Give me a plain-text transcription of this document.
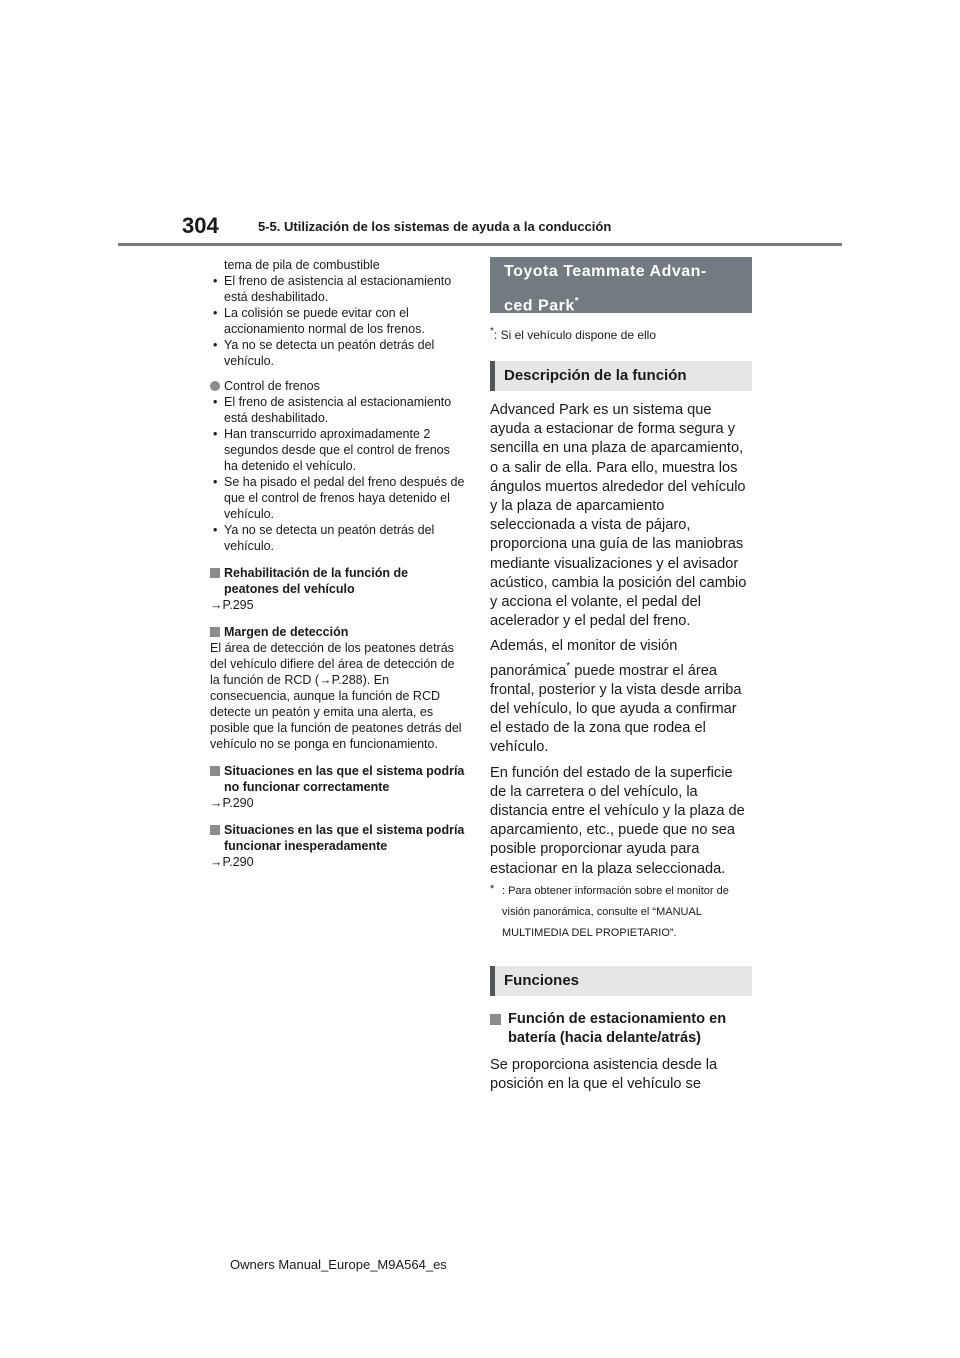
304	5-5. Utilización de los sistemas de ayuda a la conducción

tema de pila de combustible

• El freno de asistencia al estacionamiento está deshabilitado.
• La colisión se puede evitar con el accionamiento normal de los frenos.
• Ya no se detecta un peatón detrás del vehículo.
Control de frenos
• El freno de asistencia al estacionamiento está deshabilitado.
• Han transcurrido aproximadamente 2 segundos desde que el control de frenos ha detenido el vehículo.
• Se ha pisado el pedal del freno después de que el control de frenos haya detenido el vehículo.
• Ya no se detecta un peatón detrás del vehículo.
Rehabilitación de la función de peatones del vehículo

→P.295

Margen de detección

El área de detección de los peatones detrás del vehículo difiere del área de detección de la función de RCD (→P.288). En consecuencia, aunque la función de RCD detecte un peatón y emita una alerta, es posible que la función de peatones detrás del vehículo no se ponga en funcionamiento.

Situaciones en las que el sistema podría no funcionar correctamente

→P.290

Situaciones en las que el sistema podría funcionar inesperadamente

→P.290

Toyota Teammate Advan-
ced Park*
*: Si el vehículo dispone de ello
Descripción de la función

Advanced Park es un sistema que ayuda a estacionar de forma segura y sencilla en una plaza de aparcamiento, o a salir de ella. Para ello, muestra los ángulos muertos alrededor del vehículo y la plaza de aparcamiento seleccionada a vista de pájaro, proporciona una guía de las maniobras mediante visualizaciones y el avisador acústico, cambia la posición del cambio y acciona el volante, el pedal del acelerador y el pedal del freno.

Además, el monitor de visión panorámica* puede mostrar el área frontal, posterior y la vista desde arriba del vehículo, lo que ayuda a confirmar el estado de la zona que rodea el vehículo.

En función del estado de la superficie de la carretera o del vehículo, la distancia entre el vehículo y la plaza de aparcamiento, etc., puede que no sea posible proporcionar ayuda para estacionar en la plaza seleccionada.

* : Para obtener información sobre el monitor de visión panorámica, consulte el “MANUAL MULTIMEDIA DEL PROPIETARIO”.
Funciones
Función de estacionamiento en batería (hacia delante/atrás)

Se proporciona asistencia desde la posición en la que el vehículo se

Owners Manual_Europe_M9A564_es
